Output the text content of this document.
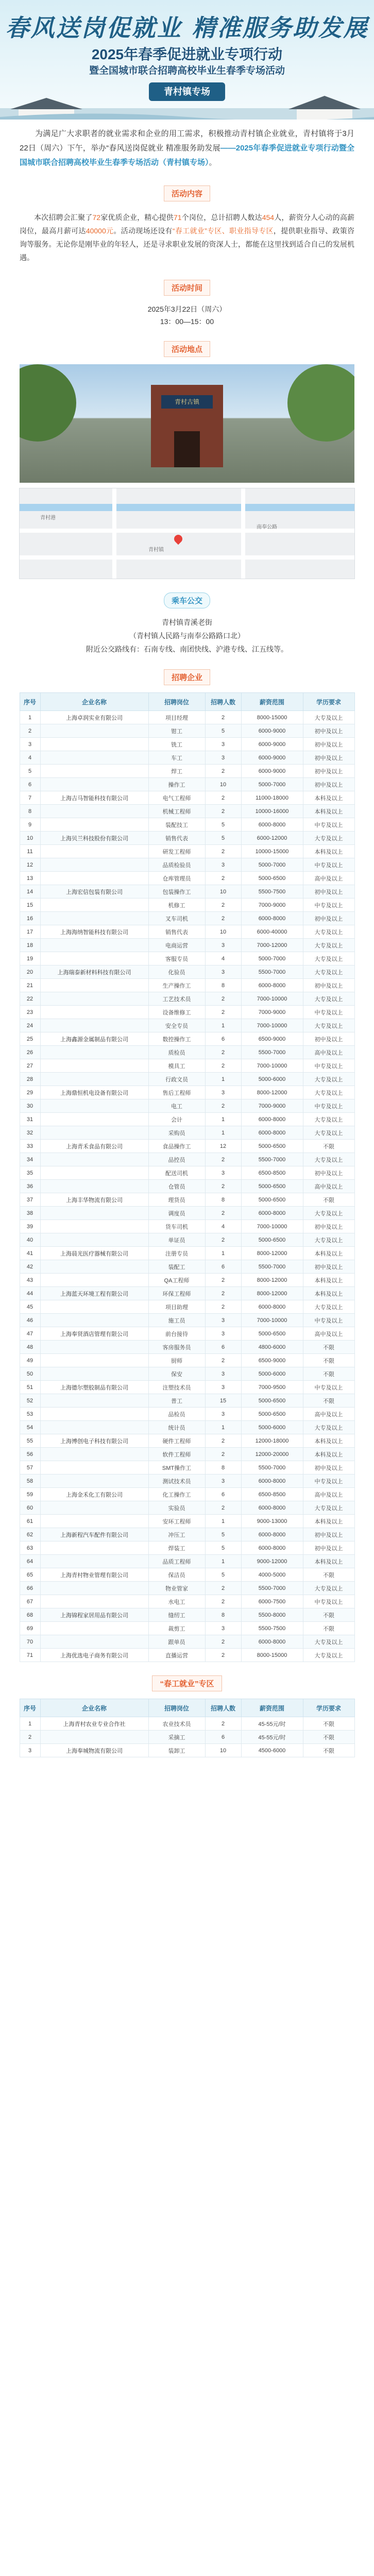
春风送岗促就业 精准服务助发展
2025年春季促进就业专项行动
暨全国城市联合招聘高校毕业生春季专场活动
青村镇专场
为满足广大求职者的就业需求和企业的用工需求，积极推动青村镇企业就业，青村镇将于3月22日（周六）下午，举办“春风送岗促就业 精准服务助发展——2025年春季促进就业专项行动暨全国城市联合招聘高校毕业生春季专场活动（青村镇专场）。
活动内容
本次招聘会汇聚了72家优质企业，精心提供71个岗位，总计招聘人数达454人，薪资分人心动的高薪岗位，最高月薪可达40000元。活动现场还设有“春工就业”专区、职业指导专区，提供职业指导、政策咨询等服务。无论你是刚毕业的年轻人，还是寻求职业发展的资深人士，都能在这里找到适合自己的发展机遇。
活动时间
2025年3月22日（周六）
13：00—15：00
活动地点
青村古镇
青村港
南奉公路
青村镇
乘车公交
青村镇青溪老街
（青村镇人民路与南奉公路路口北）
附近公交路线有：石南专线、南团快线、沪港专线、江五线等。
招聘企业
序号	企业名称	招聘岗位	招聘人数	薪资范围	学历要求
1	上海卓润实业有限公司	项目经理	2	8000-15000	大专及以上
2		钳工	5	6000-9000	初中及以上
3		铣工	3	6000-9000	初中及以上
4		车工	3	6000-9000	初中及以上
5		焊工	2	6000-9000	初中及以上
6		操作工	10	5000-7000	初中及以上
7	上海吉马智能科技有限公司	电气工程师	2	11000-18000	本科及以上
8		机械工程师	2	10000-16000	本科及以上
9		装配技工	5	6000-8000	中专及以上
10	上海贝兰科技股份有限公司	销售代表	5	6000-12000	大专及以上
11		研发工程师	2	10000-15000	本科及以上
12		品质检验员	3	5000-7000	中专及以上
13		仓库管理员	2	5000-6500	高中及以上
14	上海宏信包装有限公司	包装操作工	10	5500-7500	初中及以上
15		机修工	2	7000-9000	中专及以上
16		叉车司机	2	6000-8000	初中及以上
17	上海海纳智能科技有限公司	销售代表	10	6000-40000	大专及以上
18		电商运营	3	7000-12000	大专及以上
19		客服专员	4	5000-7000	大专及以上
20	上海瑞泰新材料科技有限公司	化验员	3	5500-7000	大专及以上
21		生产操作工	8	6000-8000	初中及以上
22		工艺技术员	2	7000-10000	大专及以上
23		设备维修工	2	7000-9000	中专及以上
24		安全专员	1	7000-10000	大专及以上
25	上海鑫源金属制品有限公司	数控操作工	6	6500-9000	初中及以上
26		质检员	2	5500-7000	高中及以上
27		模具工	2	7000-10000	中专及以上
28		行政文员	1	5000-6000	大专及以上
29	上海鼎恒机电设备有限公司	售后工程师	3	8000-12000	大专及以上
30		电工	2	7000-9000	中专及以上
31		会计	1	6000-8000	大专及以上
32		采购员	1	6000-8000	大专及以上
33	上海青禾食品有限公司	食品操作工	12	5000-6500	不限
34		品控员	2	5500-7000	大专及以上
35		配送司机	3	6500-8500	初中及以上
36		仓管员	2	5000-6500	高中及以上
37	上海丰华物流有限公司	理货员	8	5000-6500	不限
38		调度员	2	6000-8000	大专及以上
39		货车司机	4	7000-10000	初中及以上
40		单证员	2	5000-6500	大专及以上
41	上海晨光医疗器械有限公司	注册专员	1	8000-12000	本科及以上
42		装配工	6	5500-7000	初中及以上
43		QA工程师	2	8000-12000	本科及以上
44	上海蓝天环境工程有限公司	环保工程师	2	8000-12000	本科及以上
45		项目助理	2	6000-8000	大专及以上
46		施工员	3	7000-10000	中专及以上
47	上海奉贤酒店管理有限公司	前台接待	3	5000-6500	高中及以上
48		客房服务员	6	4800-6000	不限
49		厨师	2	6500-9000	不限
50		保安	3	5000-6000	不限
51	上海德尔塑胶制品有限公司	注塑技术员	3	7000-9500	中专及以上
52		普工	15	5000-6500	不限
53		品检员	3	5000-6500	高中及以上
54		统计员	1	5000-6000	大专及以上
55	上海博创电子科技有限公司	硬件工程师	2	12000-18000	本科及以上
56		软件工程师	2	12000-20000	本科及以上
57		SMT操作工	8	5500-7000	初中及以上
58		测试技术员	3	6000-8000	中专及以上
59	上海金禾化工有限公司	化工操作工	6	6500-8500	高中及以上
60		实验员	2	6000-8000	大专及以上
61		安环工程师	1	9000-13000	本科及以上
62	上海新程汽车配件有限公司	冲压工	5	6000-8000	初中及以上
63		焊装工	5	6000-8000	初中及以上
64		品质工程师	1	9000-12000	本科及以上
65	上海青村物业管理有限公司	保洁员	5	4000-5000	不限
66		物业管家	2	5500-7000	大专及以上
67		水电工	2	6000-7500	中专及以上
68	上海锦程家居用品有限公司	缝纫工	8	5500-8000	不限
69		裁剪工	3	5500-7500	不限
70		跟单员	2	6000-8000	大专及以上
71	上海优选电子商务有限公司	直播运营	2	8000-15000	大专及以上
“春工就业”专区
序号	企业名称	招聘岗位	招聘人数	薪资范围	学历要求
1	上海青村农业专业合作社	农业技术员	2	45-55元/时	不限
2		采摘工	6	45-55元/时	不限
3	上海奉城物流有限公司	装卸工	10	4500-6000	不限
